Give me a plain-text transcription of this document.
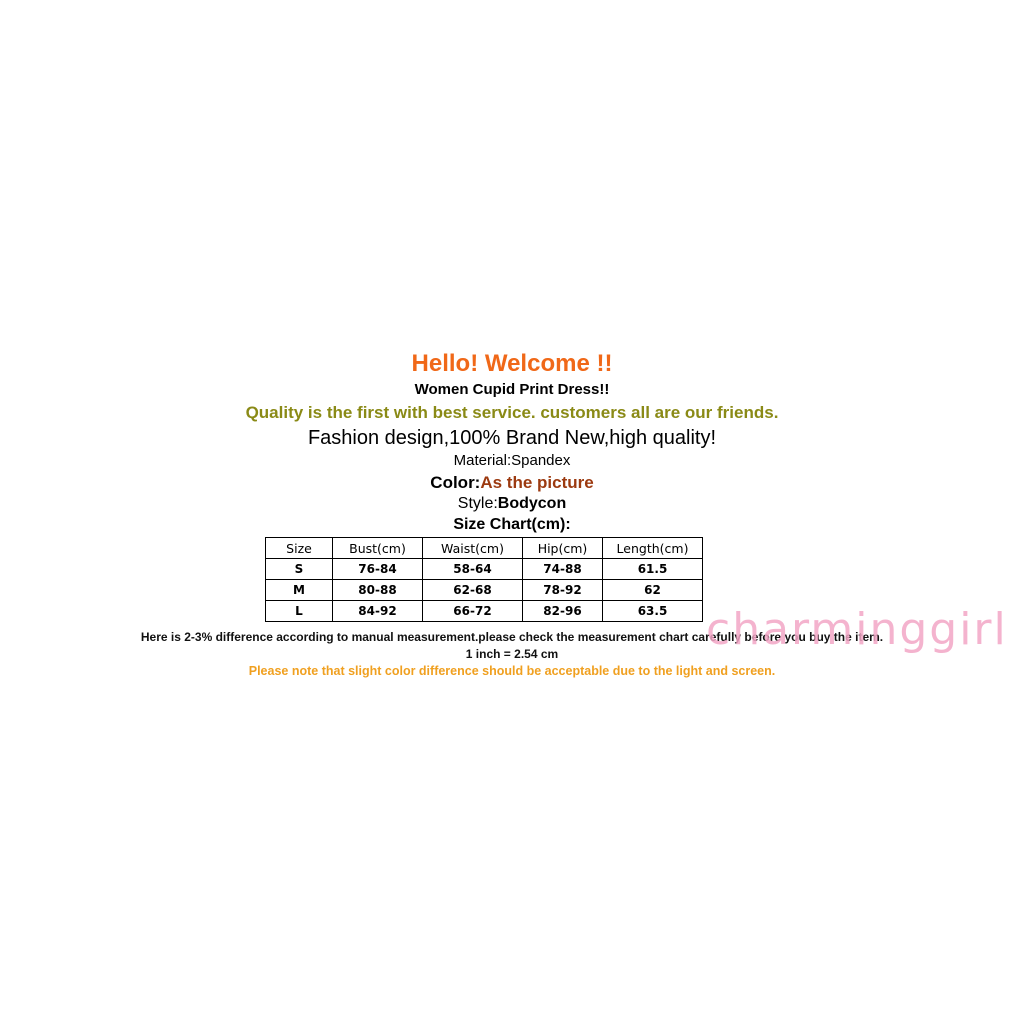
Hello! Welcome !!
Women Cupid Print Dress!!
Quality is the first with best service. customers all are our friends.
Fashion design,100% Brand New,high quality!
Material:Spandex
Color:As the picture
Style:Bodycon
Size Chart(cm):
Size	Bust(cm)	Waist(cm)	Hip(cm)	Length(cm)
S	76-84	58-64	74-88	61.5
M	80-88	62-68	78-92	62
L	84-92	66-72	82-96	63.5
Here is 2-3% difference according to manual measurement.please check the measurement chart carefully before you buy the item.
1 inch = 2.54 cm
Please note that slight color difference should be acceptable due to the light and screen.
charminggirl
